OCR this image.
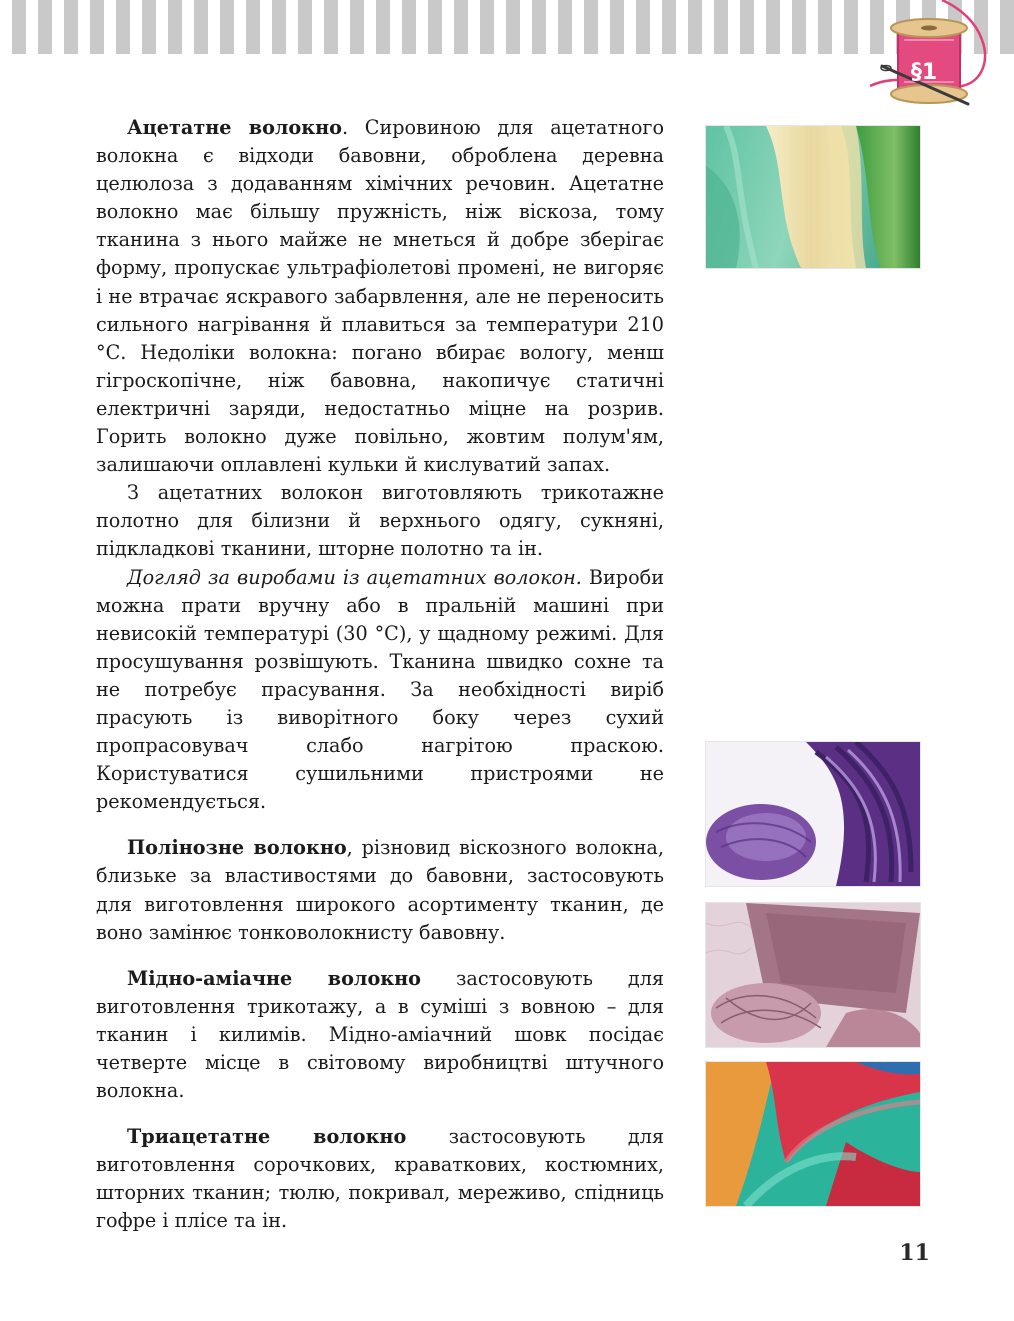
§1

Ацетатне волокно. Сировиною для ацетатного волокна є відходи бавовни, оброблена деревна целюлоза з додаванням хімічних речовин. Ацетатне волокно має більшу пружність, ніж віскоза, тому тканина з нього майже не мнеться й добре зберігає форму, пропускає ультрафіолетові промені, не вигоряє і не втрачає яскравого забарвлення, але не переносить сильного нагрівання й плавиться за температури 210 °С. Недоліки волокна: погано вбирає вологу, менш гігроскопічне, ніж бавовна, накопичує статичні електричні заряди, недостатньо міцне на розрив. Горить волокно дуже повільно, жовтим полум'ям, залишаючи оплавлені кульки й кислуватий запах.

З ацетатних волокон виготовляють трикотажне полотно для білизни й верхнього одягу, сукняні, підкладкові тканини, шторне полотно та ін.

Догляд за виробами із ацетатних волокон. Вироби можна прати вручну або в пральній машині при невисокій температурі (30 °С), у щадному режимі. Для просушування розвішують. Тканина швидко сохне та не потребує прасування. За необхідності виріб прасують із виворітного боку через сухий пропрасовувач слабо нагрітою праскою. Користуватися сушильними пристроями не рекомендується.

Полінозне волокно, різновид віскозного волокна, близьке за властивостями до бавовни, застосовують для виготовлення широкого асортименту тканин, де воно замінює тонковолокнисту бавовну.

Мідно-аміачне волокно застосовують для виготовлення трикотажу, а в суміші з вовною – для тканин і килимів. Мідно-аміачний шовк посідає четверте місце в світовому виробництві штучного волокна.

Триацетатне волокно застосовують для виготовлення сорочкових, краваткових, костюмних, шторних тканин; тюлю, покривал, мереживо, спідниць гофре і плісе та ін.

11
